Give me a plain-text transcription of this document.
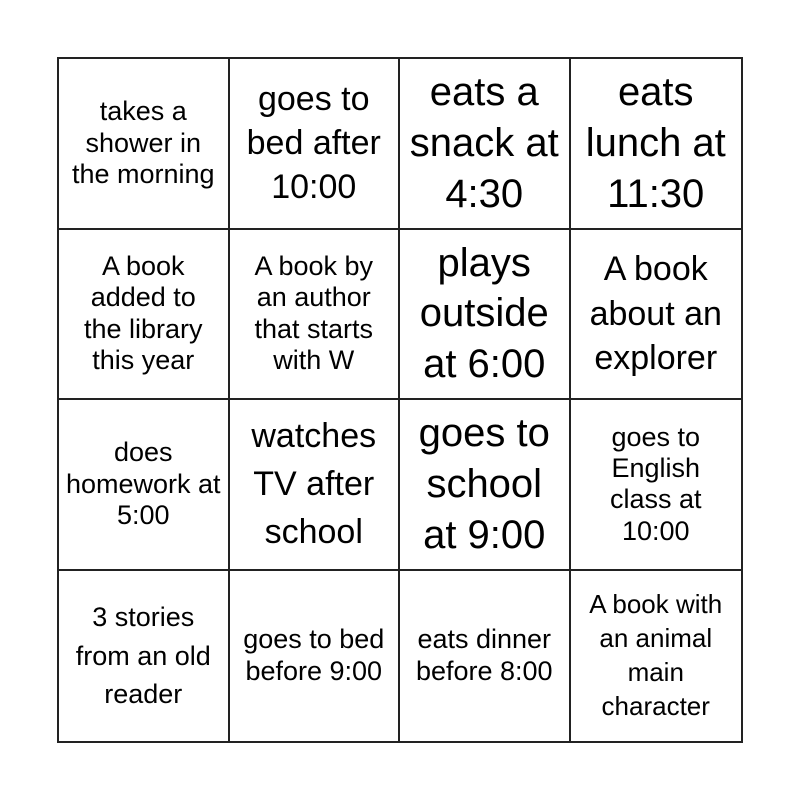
takes a shower in the morning
goes to bed after 10:00
eats a snack at 4:30
eats lunch at 11:30
A book added to the library this year
A book by an author that starts with W
plays outside at 6:00
A book about an explorer
does homework at 5:00
watches TV after school
goes to school at 9:00
goes to English class at 10:00
3 stories from an old reader
goes to bed before 9:00
eats dinner before 8:00
A book with an animal main character
